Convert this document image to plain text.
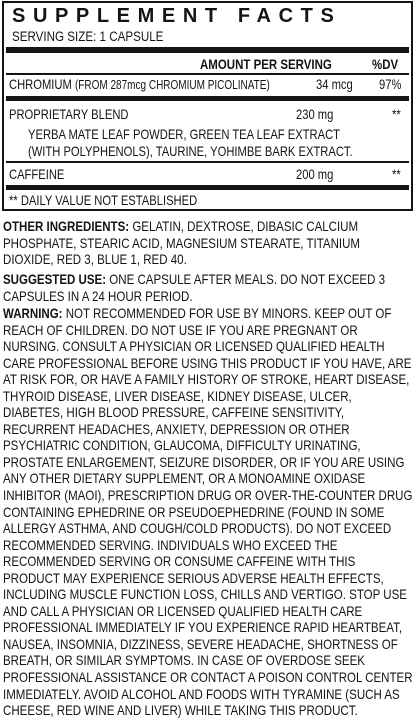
SUPPLEMENT FACTS
SERVING SIZE: 1 CAPSULE
AMOUNT PER SERVING	%DV
CHROMIUM (FROM 287mcg CHROMIUM PICOLINATE)	34 mcg 97%
PROPRIETARY BLEND	230 mg	**
YERBA MATE LEAF POWDER, GREEN TEA LEAF EXTRACT
(WITH POLYPHENOLS), TAURINE, YOHIMBE BARK EXTRACT.
CAFFEINE	200 mg	**
** DAILY VALUE NOT ESTABLISHED

OTHER INGREDIENTS: GELATIN, DEXTROSE, DIBASIC CALCIUM PHOSPHATE, STEARIC ACID, MAGNESIUM STEARATE, TITANIUM DIOXIDE, RED 3, BLUE 1, RED 40.

SUGGESTED USE: ONE CAPSULE AFTER MEALS. DO NOT EXCEED 3 CAPSULES IN A 24 HOUR PERIOD.

WARNING: NOT RECOMMENDED FOR USE BY MINORS. KEEP OUT OF REACH OF CHILDREN. DO NOT USE IF YOU ARE PREGNANT OR NURSING. CONSULT A PHYSICIAN OR LICENSED QUALIFIED HEALTH CARE PROFESSIONAL BEFORE USING THIS PRODUCT IF YOU HAVE, ARE AT RISK FOR, OR HAVE A FAMILY HISTORY OF STROKE, HEART DISEASE, THYROID DISEASE, LIVER DISEASE, KIDNEY DISEASE, ULCER, DIABETES, HIGH BLOOD PRESSURE, CAFFEINE SENSITIVITY, RECURRENT HEADACHES, ANXIETY, DEPRESSION OR OTHER PSYCHIATRIC CONDITION, GLAUCOMA, DIFFICULTY URINATING, PROSTATE ENLARGEMENT, SEIZURE DISORDER, OR IF YOU ARE USING ANY OTHER DIETARY SUPPLEMENT, OR A MONOAMINE OXIDASE INHIBITOR (MAOI), PRESCRIPTION DRUG OR OVER-THE-COUNTER DRUG CONTAINING EPHEDRINE OR PSEUDOEPHEDRINE (FOUND IN SOME ALLERGY ASTHMA, AND COUGH/COLD PRODUCTS). DO NOT EXCEED RECOMMENDED SERVING. INDIVIDUALS WHO EXCEED THE RECOMMENDED SERVING OR CONSUME CAFFEINE WITH THIS PRODUCT MAY EXPERIENCE SERIOUS ADVERSE HEALTH EFFECTS, INCLUDING MUSCLE FUNCTION LOSS, CHILLS AND VERTIGO. STOP USE AND CALL A PHYSICIAN OR LICENSED QUALIFIED HEALTH CARE PROFESSIONAL IMMEDIATELY IF YOU EXPERIENCE RAPID HEARTBEAT, NAUSEA, INSOMNIA, DIZZINESS, SEVERE HEADACHE, SHORTNESS OF BREATH, OR SIMILAR SYMPTOMS. IN CASE OF OVERDOSE SEEK PROFESSIONAL ASSISTANCE OR CONTACT A POISON CONTROL CENTER IMMEDIATELY. AVOID ALCOHOL AND FOODS WITH TYRAMINE (SUCH AS CHEESE, RED WINE AND LIVER) WHILE TAKING THIS PRODUCT.
